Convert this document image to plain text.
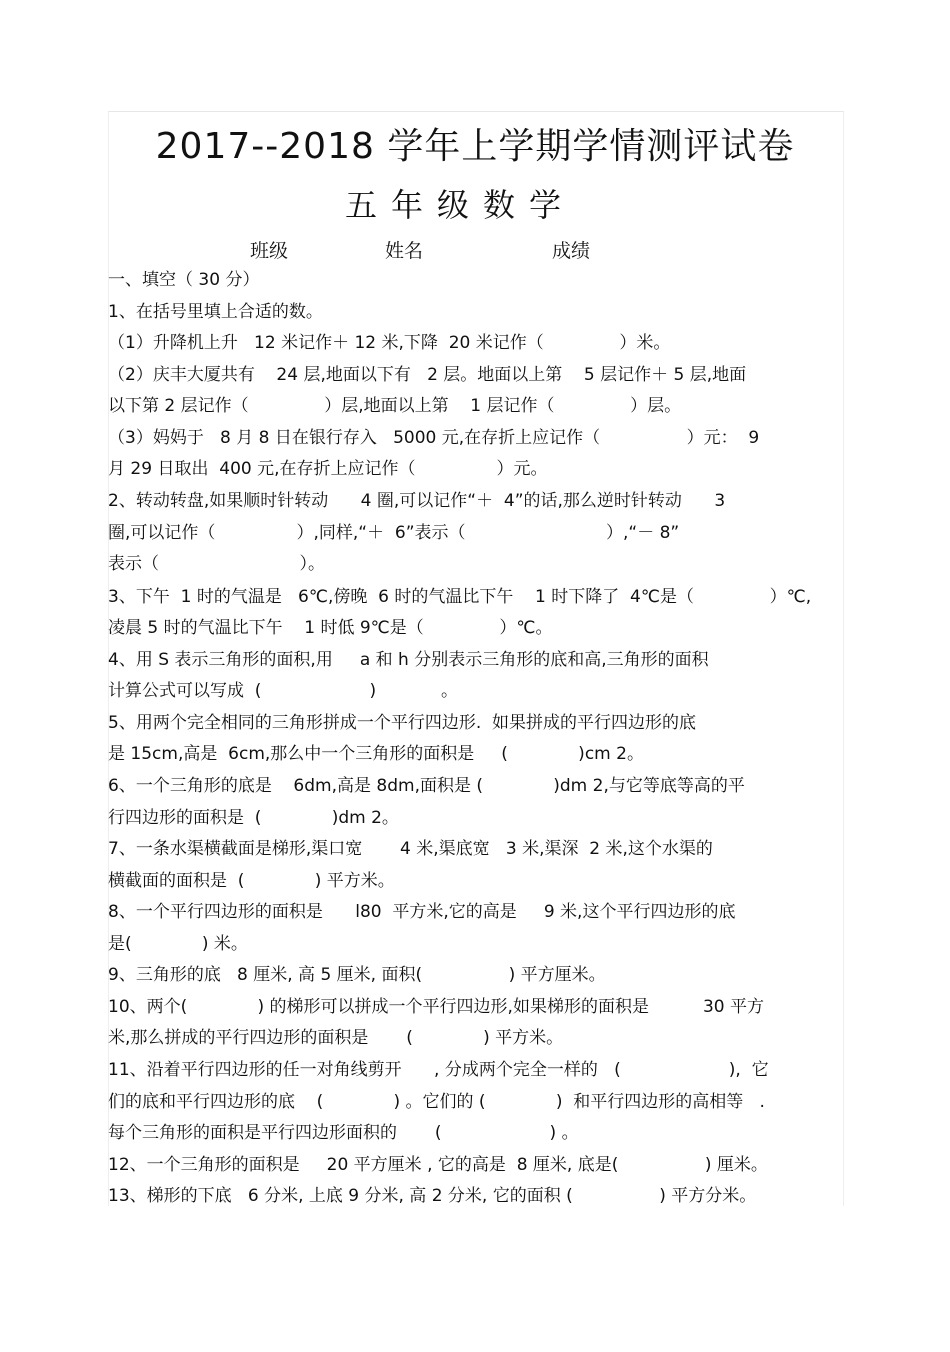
2017--2018 学年上学期学情测评试卷
五年级数学
班级	姓名	成绩
一、填空（ 30 分）
1、在括号里填上合适的数。
（1）升降机上升   12 米记作＋ 12 米,下降  20 米记作（              ）米。
（2）庆丰大厦共有    24 层,地面以下有   2 层。地面以上第    5 层记作＋ 5 层,地面
以下第 2 层记作（              ）层,地面以上第    1 层记作（              ）层。
（3）妈妈于   8 月 8 日在银行存入   5000 元,在存折上应记作（                ）元：  9
月 29 日取出  400 元,在存折上应记作（               ）元。
2、转动转盘,如果顺时针转动      4 圈,可以记作“＋  4”的话,那么逆时针转动      3
圈,可以记作（               ）,同样,“＋  6”表示（                          ）,“－ 8”
表示（                          ）。
3、下午  1 时的气温是   6℃,傍晚  6 时的气温比下午    1 时下降了  4℃是（              ）℃,
凌晨 5 时的气温比下午    1 时低 9℃是（              ）℃。
4、用 S 表示三角形的面积,用     a 和 h 分别表示三角形的底和高,三角形的面积
计算公式可以写成  (                    )            。
5、用两个完全相同的三角形拼成一个平行四边形.  如果拼成的平行四边形的底
是 15cm,高是  6cm,那么中一个三角形的面积是     (             )cm 2。
6、一个三角形的底是    6dm,高是 8dm,面积是 (             )dm 2,与它等底等高的平
行四边形的面积是  (             )dm 2。
7、一条水渠横截面是梯形,渠口宽       4 米,渠底宽   3 米,渠深  2 米,这个水渠的
横截面的面积是  (             ) 平方米。
8、一个平行四边形的面积是      l80  平方米,它的高是     9 米,这个平行四边形的底
是(             ) 米。
9、三角形的底   8 厘米, 高 5 厘米, 面积(                ) 平方厘米。
10、两个(             ) 的梯形可以拼成一个平行四边形,如果梯形的面积是          30 平方
米,那么拼成的平行四边形的面积是       (             ) 平方米。
11、沿着平行四边形的任一对角线剪开      , 分成两个完全一样的   (                    ),  它
们的底和平行四边形的底    (             ) 。它们的 (             )  和平行四边形的高相等   .
每个三角形的面积是平行四边形面积的       (                    ) 。
12、一个三角形的面积是     20 平方厘米 , 它的高是  8 厘米, 底是(                ) 厘米。
13、梯形的下底   6 分米, 上底 9 分米, 高 2 分米, 它的面积 (                ) 平方分米。
